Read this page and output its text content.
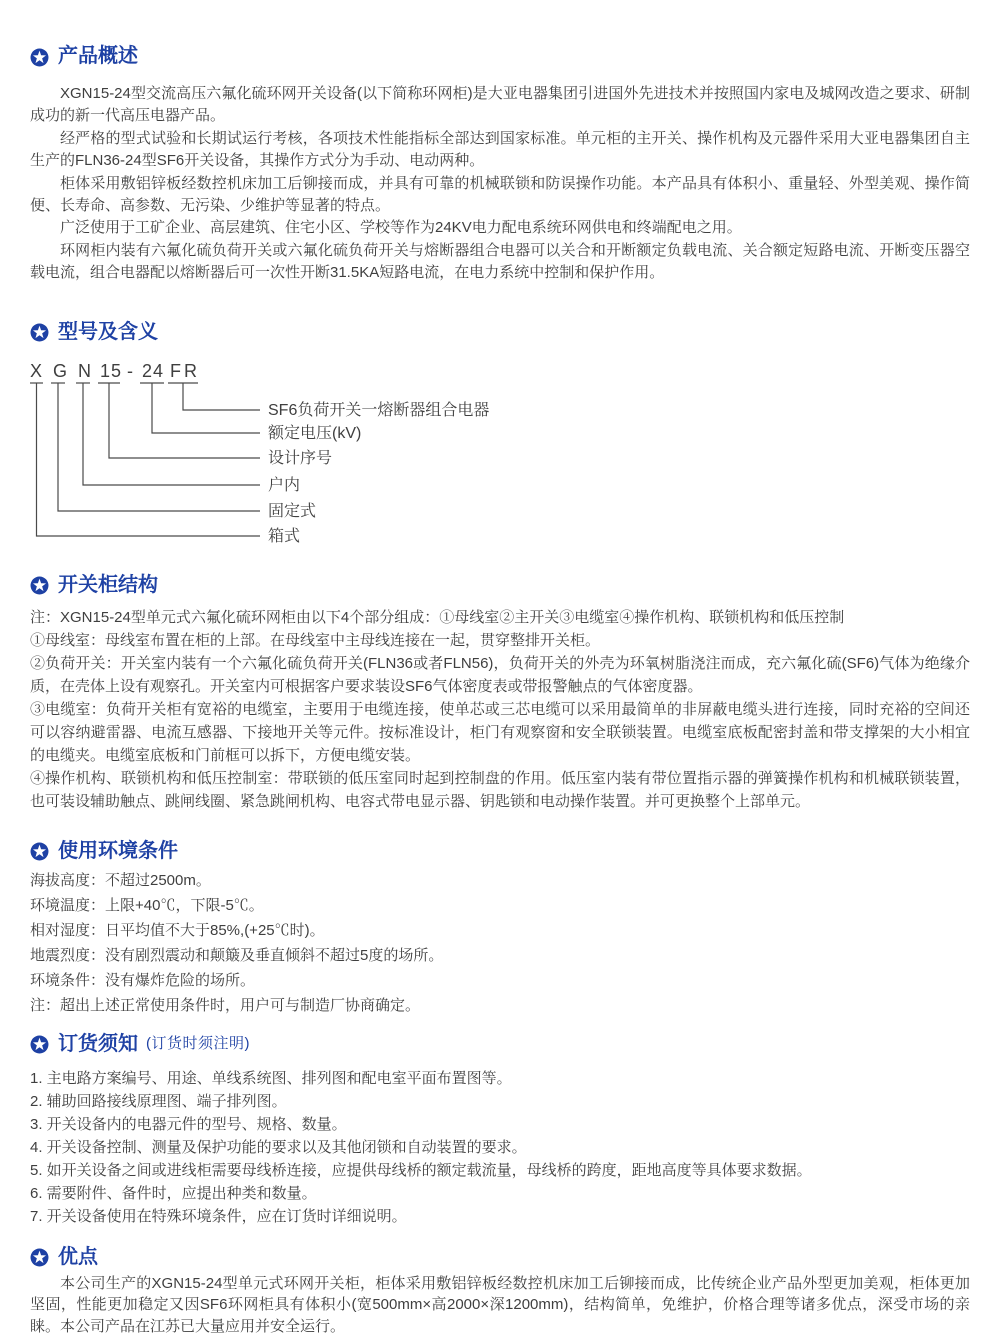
产品概述

XGN15-24型交流高压六氟化硫环网开关设备(以下简称环网柜)是大亚电器集团引进国外先进技术并按照国内家电及城网改造之要求、研制成功的新一代高压电器产品。

经严格的型式试验和长期试运行考核，各项技术性能指标全部达到国家标准。单元柜的主开关、操作机构及元器件采用大亚电器集团自主生产的FLN36-24型SF6开关设备，其操作方式分为手动、电动两种。

柜体采用敷铝锌板经数控机床加工后铆接而成，并具有可靠的机械联锁和防误操作功能。本产品具有体积小、重量轻、外型美观、操作简便、长寿命、高参数、无污染、少维护等显著的特点。

广泛使用于工矿企业、高层建筑、住宅小区、学校等作为24KV电力配电系统环网供电和终端配电之用。

环网柜内装有六氟化硫负荷开关或六氟化硫负荷开关与熔断器组合电器可以关合和开断额定负载电流、关合额定短路电流、开断变压器空载电流，组合电器配以熔断器后可一次性开断31.5KA短路电流，在电力系统中控制和保护作用。

型号及含义
X G N 15 - 24 F R
SF6负荷开关一熔断器组合电器
额定电压(kV)
设计序号
户内
固定式
箱式
开关柜结构

注：XGN15-24型单元式六氟化硫环网柜由以下4个部分组成：①母线室②主开关③电缆室④操作机构、联锁机构和低压控制

①母线室：母线室布置在柜的上部。在母线室中主母线连接在一起，贯穿整排开关柜。

②负荷开关：开关室内装有一个六氟化硫负荷开关(FLN36或者FLN56)，负荷开关的外壳为环氧树脂浇注而成，充六氟化硫(SF6)气体为绝缘介质，在壳体上设有观察孔。开关室内可根据客户要求装设SF6气体密度表或带报警触点的气体密度器。

③电缆室：负荷开关柜有宽裕的电缆室，主要用于电缆连接，使单芯或三芯电缆可以采用最简单的非屏蔽电缆头进行连接，同时充裕的空间还可以容纳避雷器、电流互感器、下接地开关等元件。按标准设计，柜门有观察窗和安全联锁装置。电缆室底板配密封盖和带支撑架的大小相宜的电缆夹。电缆室底板和门前框可以拆下，方便电缆安装。

④操作机构、联锁机构和低压控制室：带联锁的低压室同时起到控制盘的作用。低压室内装有带位置指示器的弹簧操作机构和机械联锁装置，也可装设辅助触点、跳闸线圈、紧急跳闸机构、电容式带电显示器、钥匙锁和电动操作装置。并可更换整个上部单元。

使用环境条件

海拔高度：不超过2500m。

环境温度：上限+40℃，下限-5℃。

相对湿度：日平均值不大于85%,(+25℃时)。

地震烈度：没有剧烈震动和颠簸及垂直倾斜不超过5度的场所。

环境条件：没有爆炸危险的场所。

注：超出上述正常使用条件时，用户可与制造厂协商确定。

订货须知 (订货时须注明)

1. 主电路方案编号、用途、单线系统图、排列图和配电室平面布置图等。

2. 辅助回路接线原理图、端子排列图。

3. 开关设备内的电器元件的型号、规格、数量。

4. 开关设备控制、测量及保护功能的要求以及其他闭锁和自动装置的要求。

5. 如开关设备之间或进线柜需要母线桥连接，应提供母线桥的额定载流量，母线桥的跨度，距地高度等具体要求数据。

6. 需要附件、备件时，应提出种类和数量。

7. 开关设备使用在特殊环境条件，应在订货时详细说明。

优点

本公司生产的XGN15-24型单元式环网开关柜，柜体采用敷铝锌板经数控机床加工后铆接而成，比传统企业产品外型更加美观，柜体更加坚固，性能更加稳定又因SF6环网柜具有体积小(宽500mm×高2000×深1200mm)，结构简单，免维护，价格合理等诸多优点，深受市场的亲睐。本公司产品在江苏已大量应用并安全运行。
